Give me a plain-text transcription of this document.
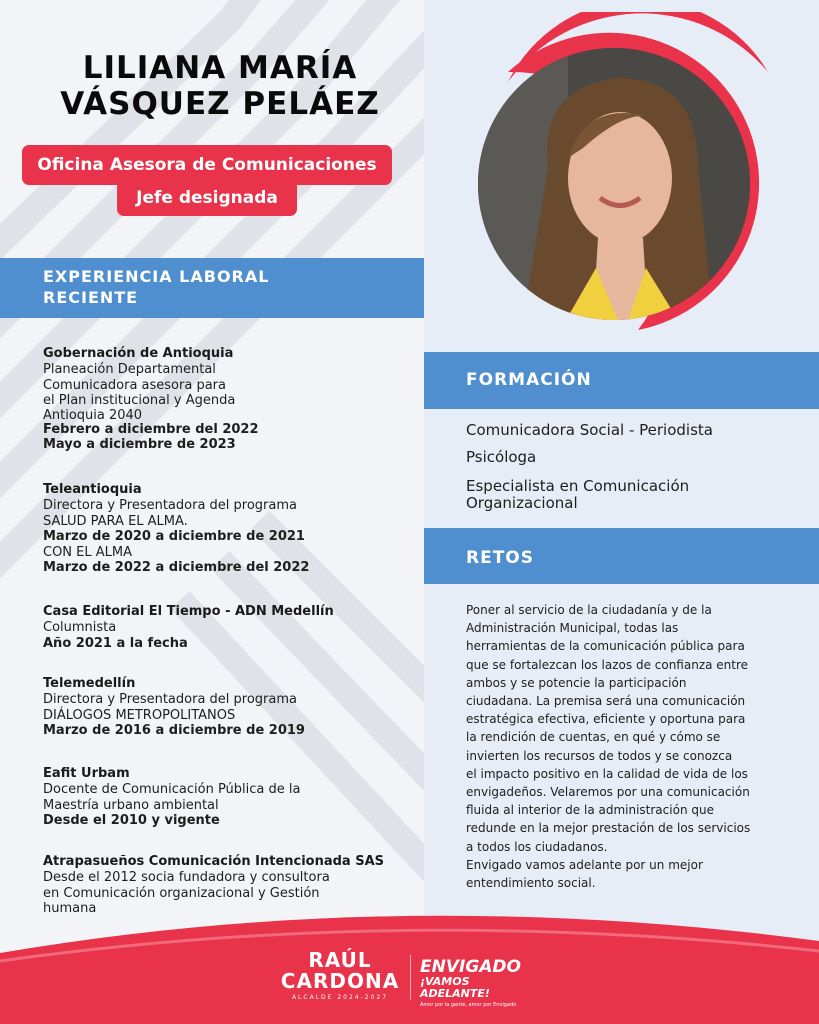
LILIANA MARÍA
VÁSQUEZ PELÁEZ
Oficina Asesora de Comunicaciones
Jefe designada
EXPERIENCIA LABORAL
RECIENTE
Gobernación de Antioquia
Planeación Departamental
Comunicadora asesora para
el Plan institucional y Agenda
Antioquia 2040
Febrero a diciembre del 2022
Mayo a diciembre de 2023
Teleantioquia
Directora y Presentadora del programa
SALUD PARA EL ALMA.
Marzo de 2020 a diciembre de 2021
CON EL ALMA
Marzo de 2022 a diciembre del 2022
Casa Editorial El Tiempo - ADN Medellín
Columnista
Año 2021 a la fecha
Telemedellín
Directora y Presentadora del programa
DIÁLOGOS METROPOLITANOS
Marzo de 2016 a diciembre de 2019
Eafit Urbam
Docente de Comunicación Pública de la
Maestría urbano ambiental
Desde el 2010 y vigente
Atrapasueños Comunicación Intencionada SAS
Desde el 2012 socia fundadora y consultora
en Comunicación organizacional y Gestión
humana
FORMACIÓN
Comunicadora Social - Periodista
Psicóloga
Especialista en Comunicación
Organizacional
RETOS
Poner al servicio de la ciudadanía y de la
Administración Municipal, todas las
herramientas de la comunicación pública para
que se fortalezcan los lazos de confianza entre
ambos y se potencie la participación
ciudadana. La premisa será una comunicación
estratégica efectiva, eficiente y oportuna para
la rendición de cuentas, en qué y cómo se
invierten los recursos de todos y se conozca
el impacto positivo en la calidad de vida de los
envigadeños. Velaremos por una comunicación
fluida al interior de la administración que
redunde en la mejor prestación de los servicios
a todos los ciudadanos.
Envigado vamos adelante por un mejor
entendimiento social.
RAÚL
CARDONA
ALCALDE 2024-2027
ENVIGADO
¡VAMOS ADELANTE!
Amor por la gente, amor por Envigado
